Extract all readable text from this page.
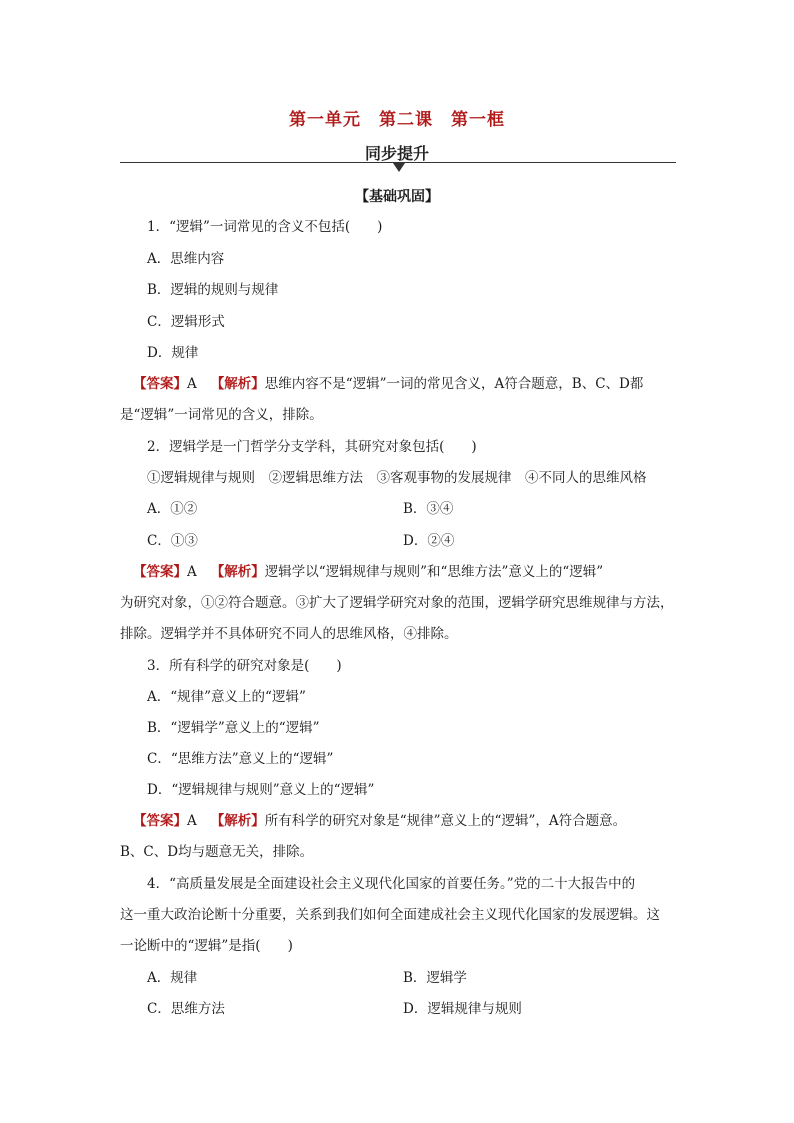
第一单元　第二课　第一框
同步提升
【基础巩固】
1．“逻辑”一词常见的含义不包括(　　)
A．思维内容
B．逻辑的规则与规律
C．逻辑形式
D．规律
【答案】A 【解析】思维内容不是“逻辑”一词的常见含义，A符合题意，B、C、D都
是“逻辑”一词常见的含义，排除。
2．逻辑学是一门哲学分支学科，其研究对象包括(　　)
①逻辑规律与规则　②逻辑思维方法　③客观事物的发展规律　④不同人的思维风格
A．①②	B．③④
C．①③	D．②④
【答案】A 【解析】逻辑学以“逻辑规律与规则”和“思维方法”意义上的“逻辑”
为研究对象，①②符合题意。③扩大了逻辑学研究对象的范围，逻辑学研究思维规律与方法，
排除。逻辑学并不具体研究不同人的思维风格，④排除。
3．所有科学的研究对象是(　　)
A．“规律”意义上的“逻辑”
B．“逻辑学”意义上的“逻辑”
C．“思维方法”意义上的“逻辑”
D．“逻辑规律与规则”意义上的“逻辑”
【答案】A 【解析】所有科学的研究对象是“规律”意义上的“逻辑”，A符合题意。
B、C、D均与题意无关，排除。
4．“高质量发展是全面建设社会主义现代化国家的首要任务。”党的二十大报告中的
这一重大政治论断十分重要，关系到我们如何全面建成社会主义现代化国家的发展逻辑。这
一论断中的“逻辑”是指(　　)
A．规律	B．逻辑学
C．思维方法	D．逻辑规律与规则
